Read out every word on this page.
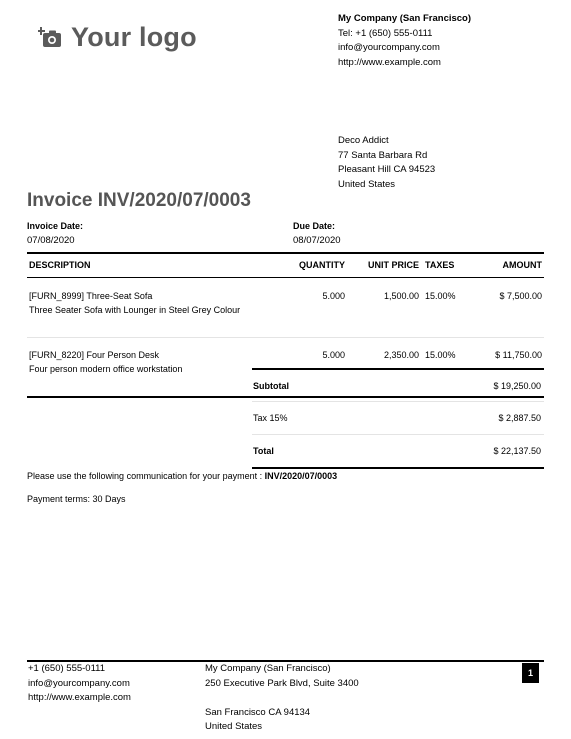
Your logo
My Company (San Francisco)
Tel: +1 (650) 555-0111
info@yourcompany.com
http://www.example.com
Deco Addict
77 Santa Barbara Rd
Pleasant Hill CA 94523
United States
Invoice INV/2020/07/0003
Invoice Date:
07/08/2020
Due Date:
08/07/2020
DESCRIPTION	QUANTITY	UNIT PRICE	TAXES	AMOUNT

[FURN_8999] Three-Seat Sofa
Three Seater Sofa with Lounger in Steel Grey Colour	5.000	1,500.00	15.00%	$ 7,500.00

[FURN_8220] Four Person Desk
Four person modern office workstation	5.000	2,350.00	15.00%	$ 11,750.00
Subtotal	$ 19,250.00
Tax 15%	$ 2,887.50
Total	$ 22,137.50
Please use the following communication for your payment : INV/2020/07/0003
Payment terms: 30 Days
+1 (650) 555-0111
info@yourcompany.com
http://www.example.com
My Company (San Francisco)
250 Executive Park Blvd, Suite 3400
San Francisco CA 94134
United States
1
